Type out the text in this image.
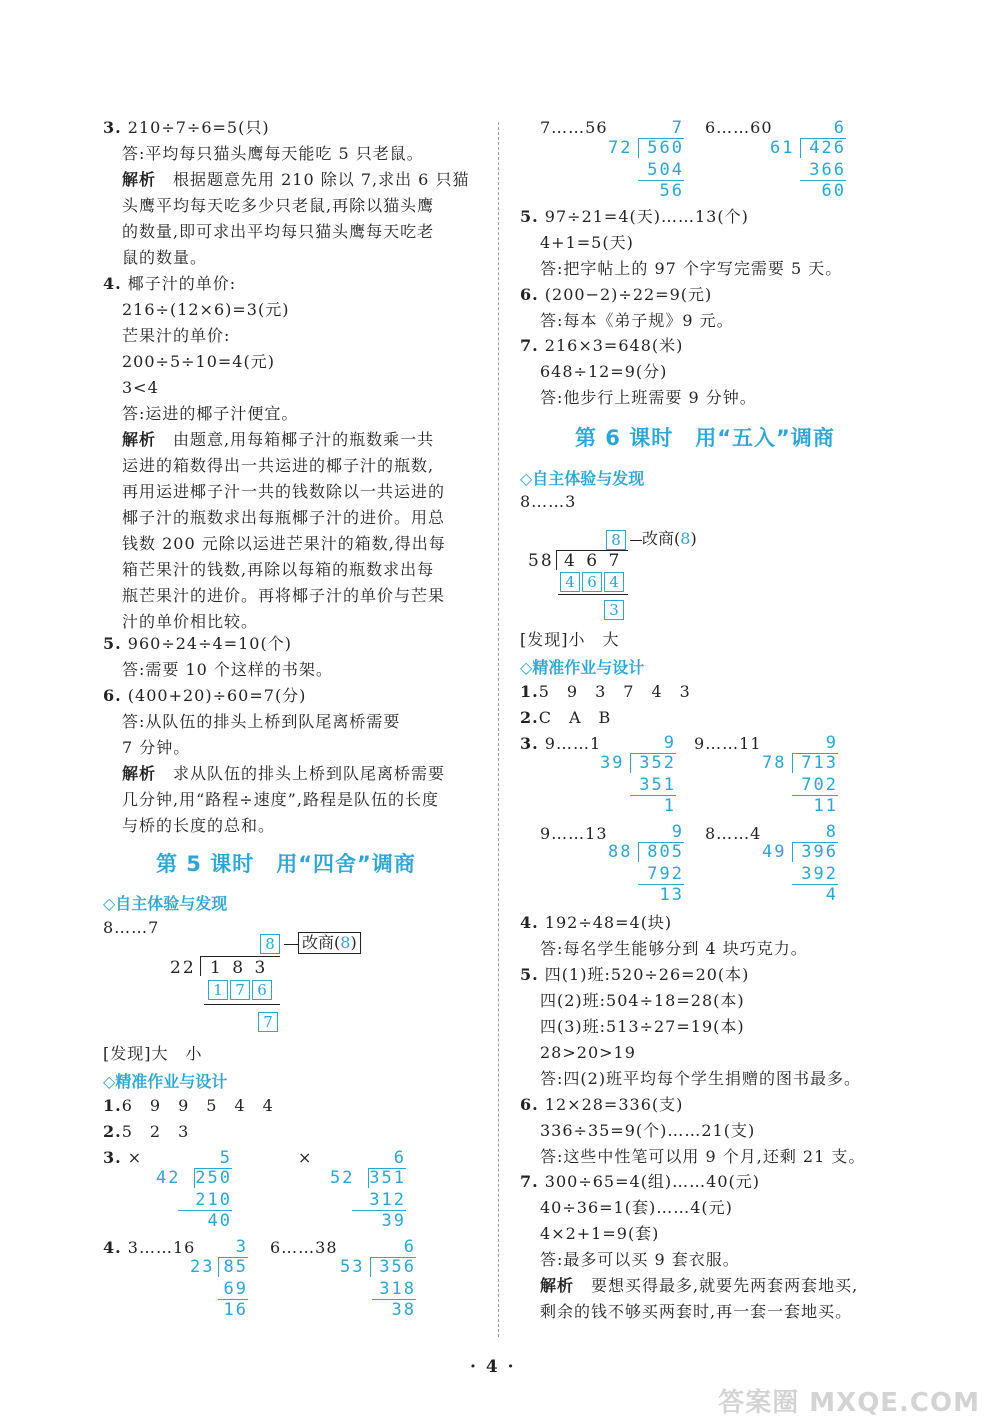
3. 210÷7÷6=5(只)
答:平均每只猫头鹰每天能吃 5 只老鼠。
解析　 根据题意先用 210 除以 7,求出 6 只猫
头鹰平均每天吃多少只老鼠,再除以猫头鹰
的数量,即可求出平均每只猫头鹰每天吃老
鼠的数量。
4. 椰子汁的单价:
216÷(12×6)=3(元)
芒果汁的单价:
200÷5÷10=4(元)
3<4
答:运进的椰子汁便宜。
解析　 由题意,用每箱椰子汁的瓶数乘一共
运进的箱数得出一共运进的椰子汁的瓶数,
再用运进椰子汁一共的钱数除以一共运进的
椰子汁的瓶数求出每瓶椰子汁的进价。用总
钱数 200 元除以运进芒果汁的箱数,得出每
箱芒果汁的钱数,再除以每箱的瓶数求出每
瓶芒果汁的进价。再将椰子汁的单价与芒果
汁的单价相比较。
5. 960÷24÷4=10(个)
答:需要 10 个这样的书架。
6. (400+20)÷60=7(分)
答:从队伍的排头上桥到队尾离桥需要
7 分钟。
解析　 求从队伍的排头上桥到队尾离桥需要
几分钟,用“路程÷速度”,路程是队伍的长度
与桥的长度的总和。
第 5 课时　用“四舍”调商
◇自主体验与发现
8……7
8	改商(8)
22 1 8 3
1 7 6
7
[发现]大　小
◇精准作业与设计
1.6　9　9　5　4　4
2.5　2　3
3. ×	×
4. 3……16	6……38
5
42 250
210
40
6
52 351
312
39
3
23 85
69
16
6
53 356
318
38
7……56	6……60
7
72 560
504
56
6
61 426
366
60
5. 97÷21=4(天)……13(个)
4+1=5(天)
答:把字帖上的 97 个字写完需要 5 天。
6. (200−2)÷22=9(元)
答:每本《弟子规》9 元。
7. 216×3=648(米)
648÷12=9(分)
答:他步行上班需要 9 分钟。
第 6 课时　用“五入”调商
◇自主体验与发现
8……3
8	改商(8)
58 4 6 7
4 6 4
3
[发现]小　大
◇精准作业与设计
1.5　9　3　7　4　3
2.C　A　B
3. 9……1	9……11
9……13	8……4
9
39 352
351
1
9
78 713
702
11
9
88 805
792
13
8
49 396
392
4
4. 192÷48=4(块)
答:每名学生能够分到 4 块巧克力。
5. 四(1)班:520÷26=20(本)
四(2)班:504÷18=28(本)
四(3)班:513÷27=19(本)
28>20>19
答:四(2)班平均每个学生捐赠的图书最多。
6. 12×28=336(支)
336÷35=9(个)……21(支)
答:这些中性笔可以用 9 个月,还剩 21 支。
7. 300÷65=4(组)……40(元)
40÷36=1(套)……4(元)
4×2+1=9(套)
答:最多可以买 9 套衣服。
解析　 要想买得最多,就要先两套两套地买,
剩余的钱不够买两套时,再一套一套地买。
· 4 ·
答案圈 MXQE.COM
